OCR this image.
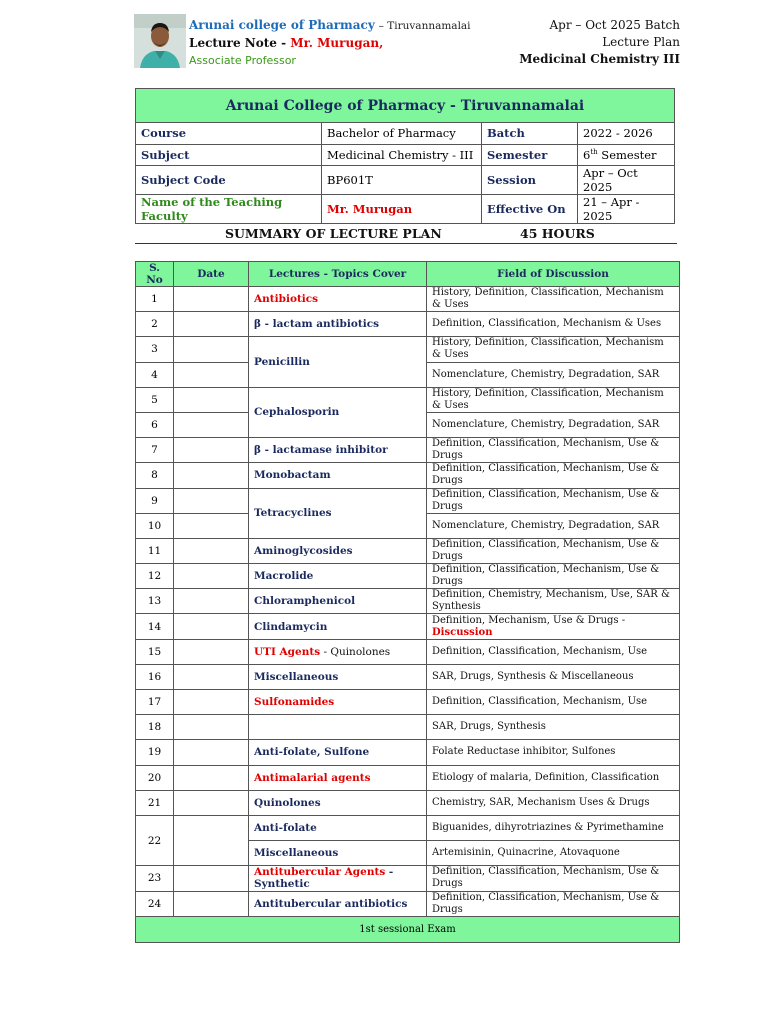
Arunai college of Pharmacy – Tiruvannamalai
Lecture Note - Mr. Murugan,
Associate Professor
Apr – Oct 2025 Batch
Lecture Plan
Medicinal Chemistry III
Arunai College of Pharmacy - Tiruvannamalai			
Course	Bachelor of Pharmacy	Batch	2022 - 2026
Subject	Medicinal Chemistry - III	Semester	6th Semester
Subject Code	BP601T	Session	Apr – Oct 2025
Name of the Teaching Faculty	Mr. Murugan	Effective On	21 – Apr - 2025
SUMMARY OF LECTURE PLAN	45 HOURS
S. No	Date	Lectures - Topics Cover	Field of Discussion
1		Antibiotics	History, Definition, Classification, Mechanism & Uses
2		β - lactam antibiotics	Definition, Classification, Mechanism & Uses
3		Penicillin	History, Definition, Classification, Mechanism & Uses
4			Nomenclature, Chemistry, Degradation, SAR
5		Cephalosporin	History, Definition, Classification, Mechanism & Uses
6			Nomenclature, Chemistry, Degradation, SAR
7		β - lactamase inhibitor	Definition, Classification, Mechanism, Use & Drugs
8		Monobactam	Definition, Classification, Mechanism, Use & Drugs
9		Tetracyclines	Definition, Classification, Mechanism, Use & Drugs
10			Nomenclature, Chemistry, Degradation, SAR
11		Aminoglycosides	Definition, Classification, Mechanism, Use & Drugs
12		Macrolide	Definition, Classification, Mechanism, Use & Drugs
13		Chloramphenicol	Definition, Chemistry, Mechanism, Use, SAR & Synthesis
14		Clindamycin	Definition, Mechanism, Use & Drugs - Discussion
15		UTI Agents - Quinolones	Definition, Classification, Mechanism, Use
16		Miscellaneous	SAR, Drugs, Synthesis & Miscellaneous
17		Sulfonamides	Definition, Classification, Mechanism, Use
18			SAR, Drugs, Synthesis
19		Anti-folate, Sulfone	Folate Reductase inhibitor, Sulfones
20		Antimalarial agents	Etiology of malaria, Definition, Classification
21		Quinolones	Chemistry, SAR, Mechanism Uses & Drugs
22		Anti-folate	Biguanides, dihyrotriazines & Pyrimethamine
		Miscellaneous	Artemisinin, Quinacrine, Atovaquone
23		Antitubercular Agents - Synthetic	Definition, Classification, Mechanism, Use & Drugs
24		Antitubercular antibiotics	Definition, Classification, Mechanism, Use & Drugs
1st sessional Exam			
